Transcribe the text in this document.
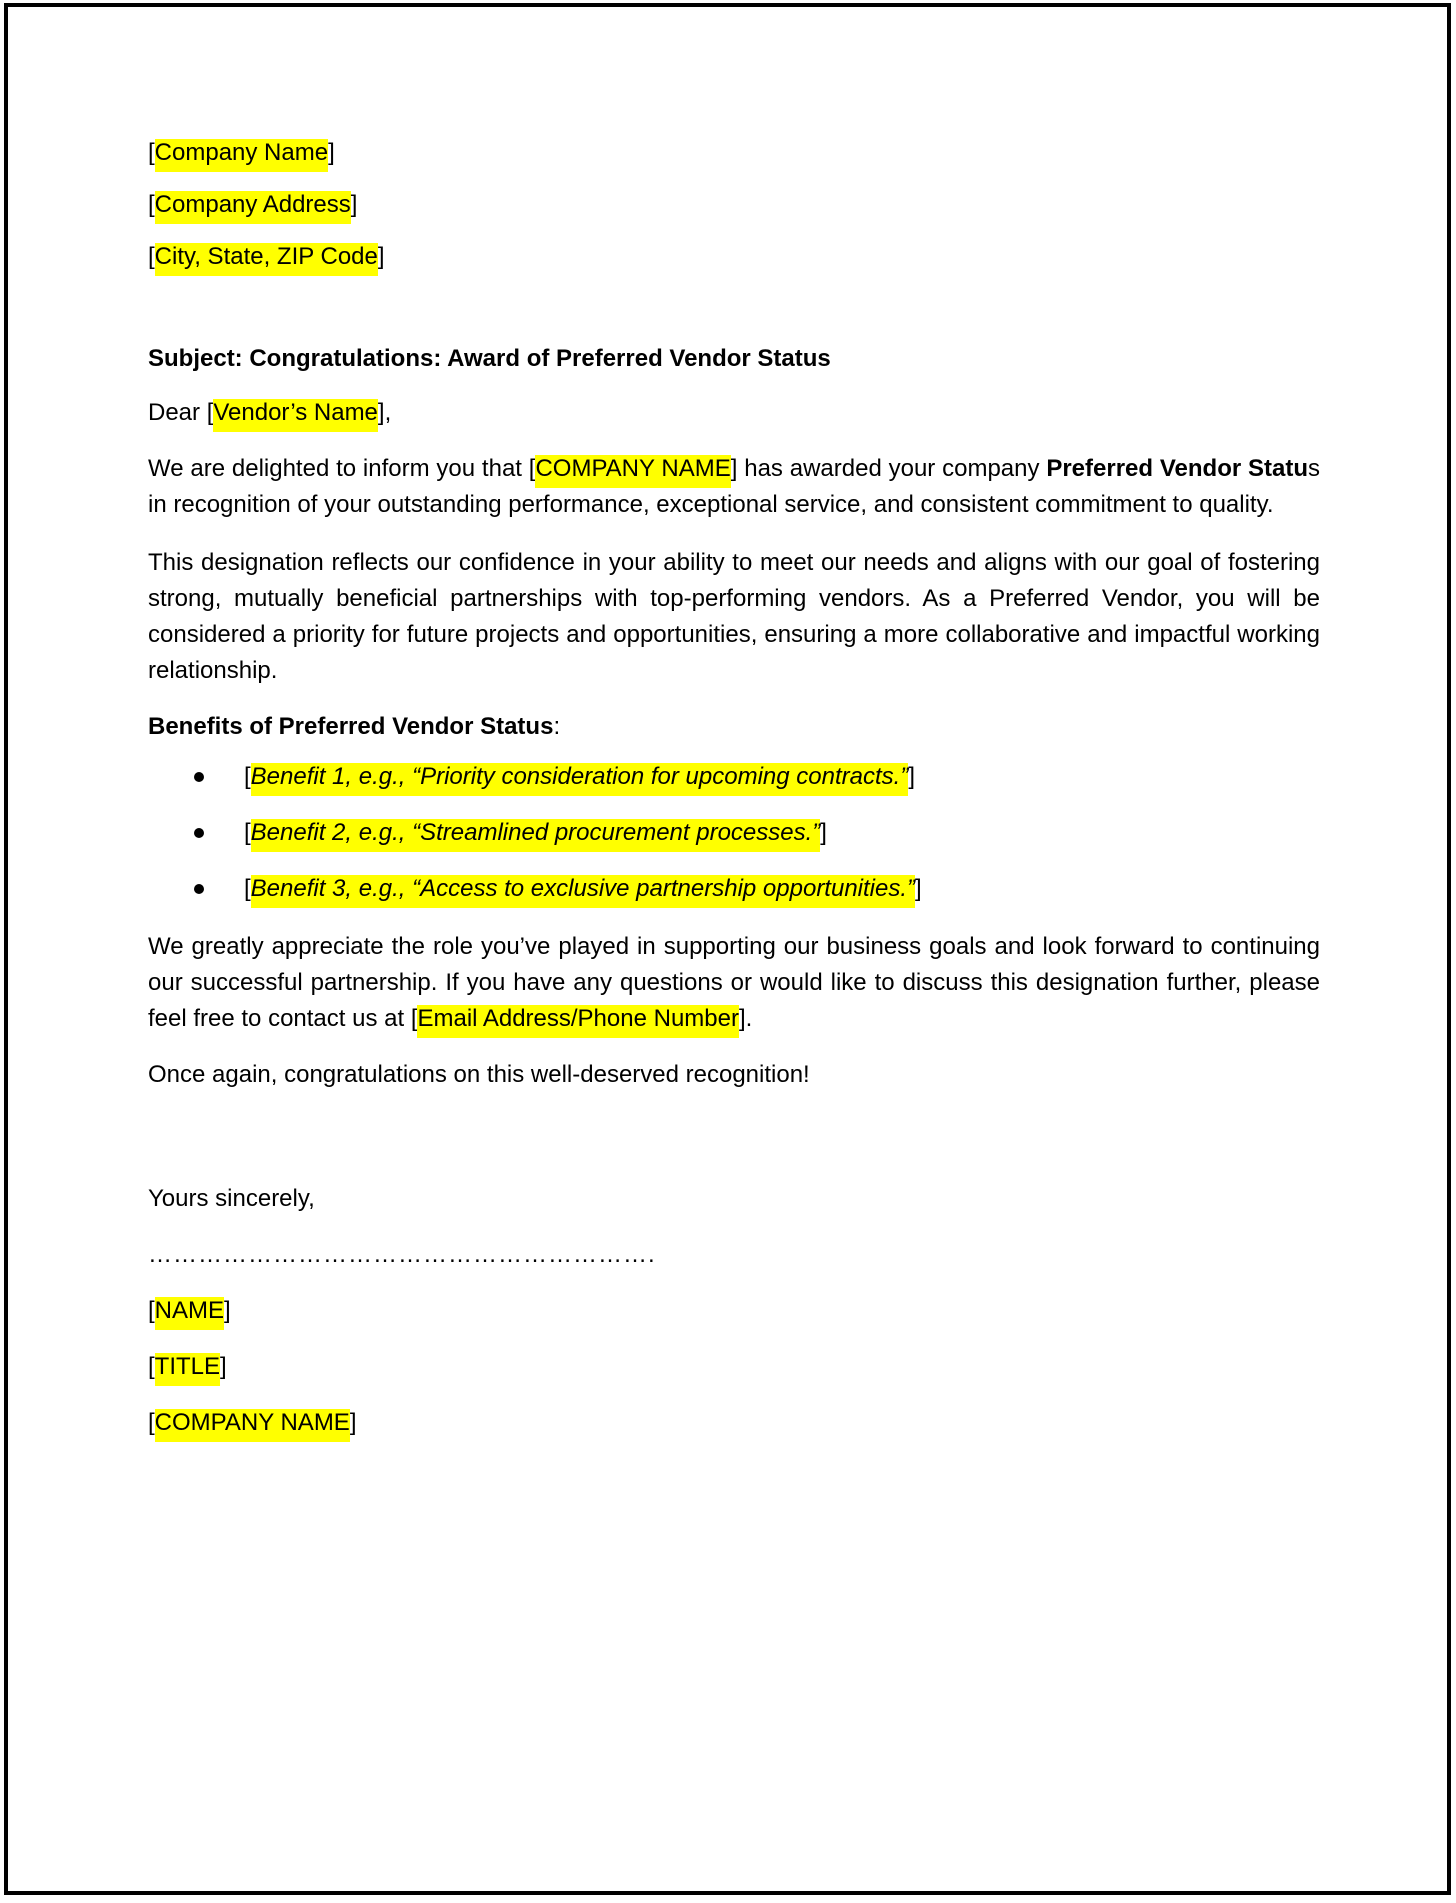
[Company Name]

[Company Address]

[City, State, ZIP Code]

Subject: Congratulations: Award of Preferred Vendor Status

Dear [Vendor’s Name],

We are delighted to inform you that [COMPANY NAME] has awarded your company Preferred Vendor Status in recognition of your outstanding performance, exceptional service, and consistent commitment to quality.

This designation reflects our confidence in your ability to meet our needs and aligns with our goal of fostering strong, mutually beneficial partnerships with top-performing vendors. As a Preferred Vendor, you will be considered a priority for future projects and opportunities, ensuring a more collaborative and impactful working relationship.

Benefits of Preferred Vendor Status:

[Benefit 1, e.g., “Priority consideration for upcoming contracts.”]
[Benefit 2, e.g., “Streamlined procurement processes.”]
[Benefit 3, e.g., “Access to exclusive partnership opportunities.”]

We greatly appreciate the role you’ve played in supporting our business goals and look forward to continuing our successful partnership. If you have any questions or would like to discuss this designation further, please feel free to contact us at [Email Address/Phone Number].

Once again, congratulations on this well-deserved recognition!

Yours sincerely,

…………………………………………………….

[NAME]

[TITLE]

[COMPANY NAME]
